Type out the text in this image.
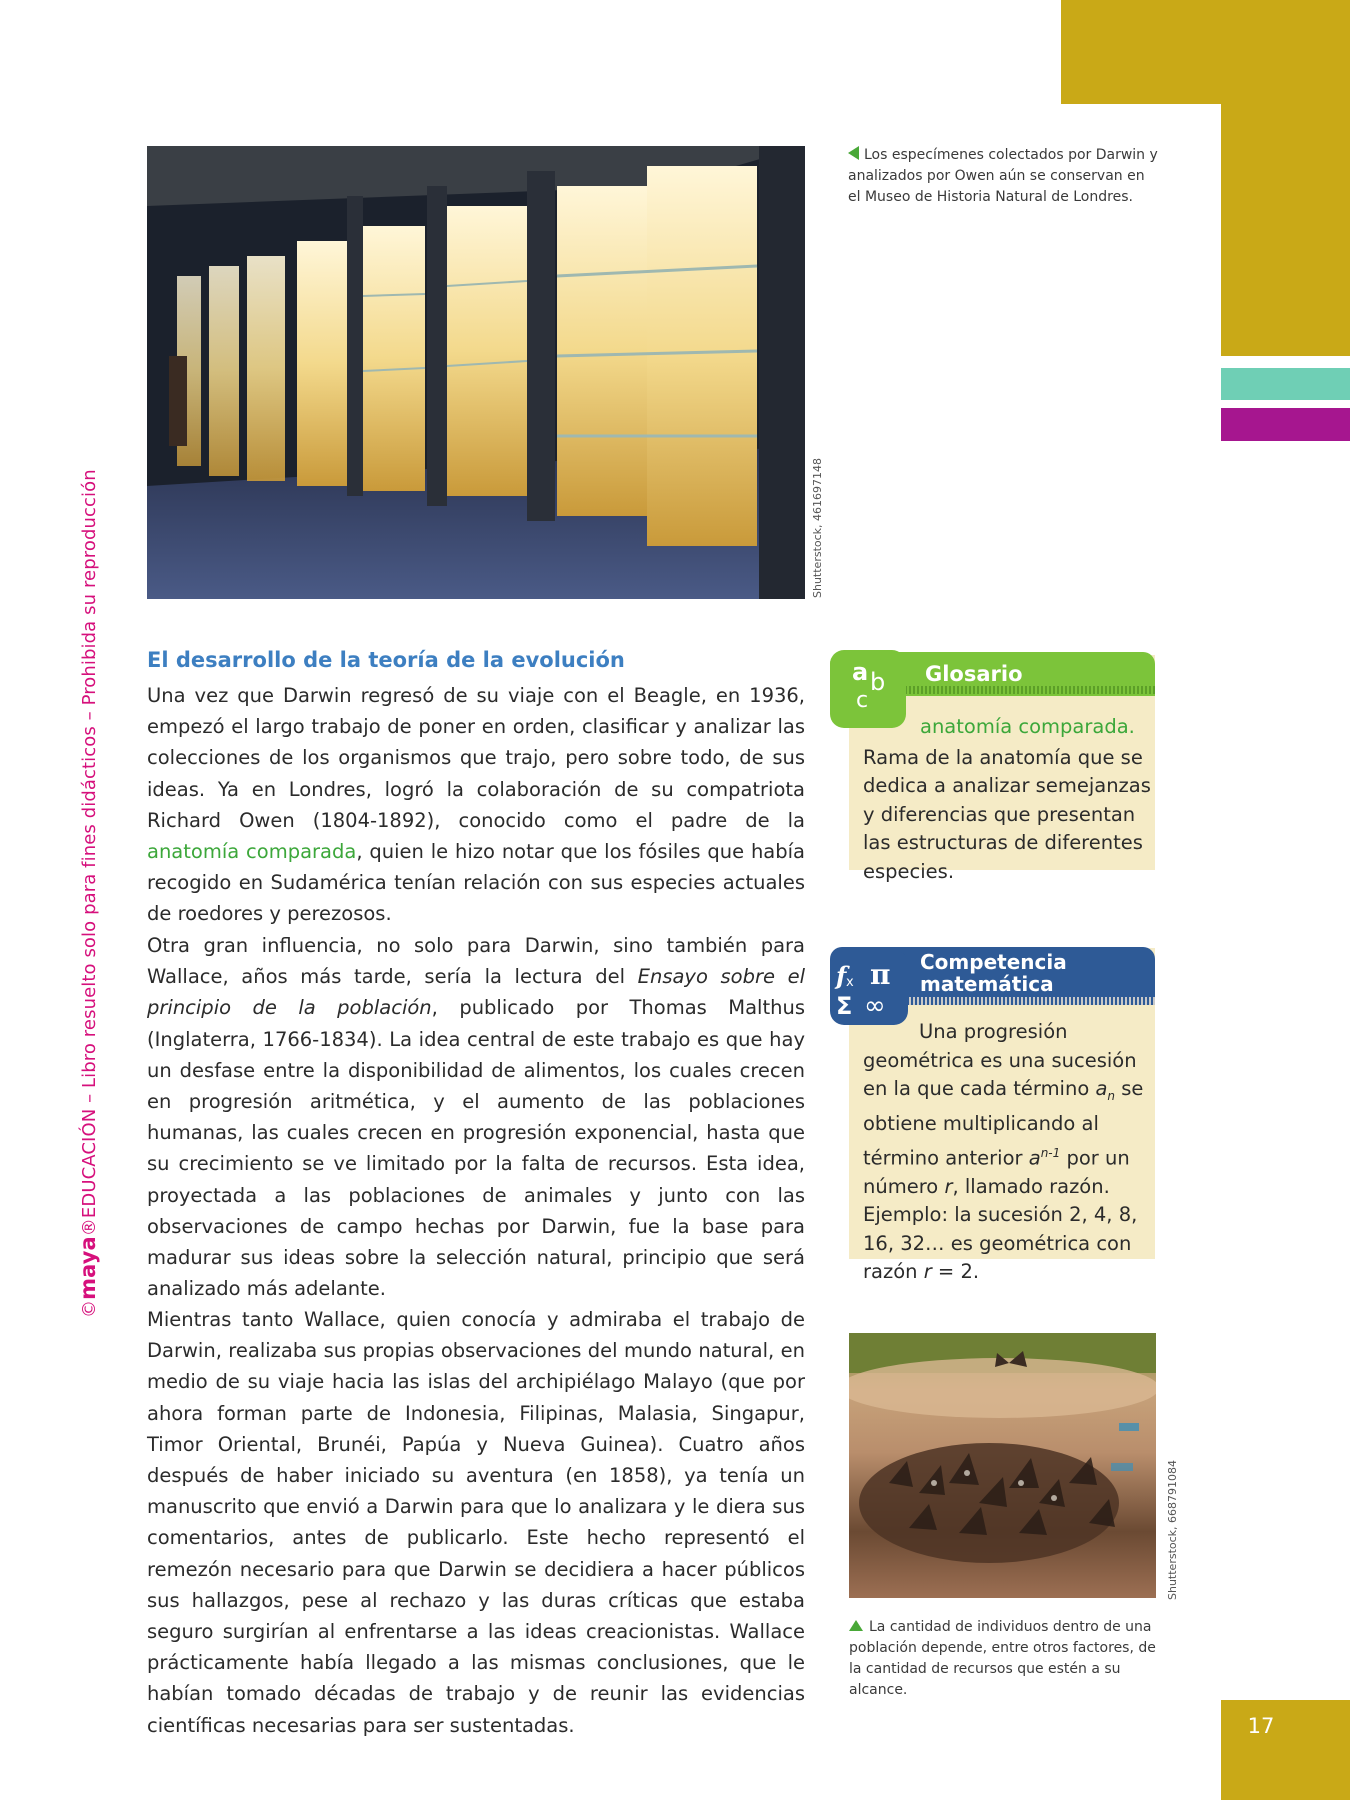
17
©maya®EDUCACIÓN – Libro resuelto solo para fines didácticos – Prohibida su reproducción	Shutterstock, 461697148
Los especímenes colectados por Darwin y analizados por Owen aún se conservan en el Museo de Historia Natural de Londres.
El desarrollo de la teoría de la evolución
Una vez que Darwin regresó de su viaje con el Beagle, en 1936, empezó el largo trabajo de poner en orden, clasificar y analizar las colecciones de los organismos que trajo, pero sobre todo, de sus ideas. Ya en Londres, logró la colaboración de su compatriota Richard Owen (1804-1892), conocido como el padre de la anatomía comparada, quien le hizo notar que los fósiles que había recogido en Sudamérica tenían relación con sus especies actuales de roedores y perezosos.
Otra gran influencia, no solo para Darwin, sino también para Wallace, años más tarde, sería la lectura del Ensayo sobre el principio de la población, publicado por Thomas Malthus (Inglaterra, 1766-1834). La idea central de este trabajo es que hay un desfase entre la disponibilidad de alimentos, los cuales crecen en progresión aritmética, y el aumento de las poblaciones humanas, las cuales crecen en progresión exponencial, hasta que su crecimiento se ve limitado por la falta de recursos. Esta idea, proyectada a las poblaciones de animales y junto con las observaciones de campo hechas por Darwin, fue la base para madurar sus ideas sobre la selección natural, principio que será analizado más adelante.
Mientras tanto Wallace, quien conocía y admiraba el trabajo de Darwin, realizaba sus propias observaciones del mundo natural, en medio de su viaje hacia las islas del archipiélago Malayo (que por ahora forman parte de Indonesia, Filipinas, Malasia, Singapur, Timor Oriental, Brunéi, Papúa y Nueva Guinea). Cuatro años después de haber iniciado su aventura (en 1858), ya tenía un manuscrito que envió a Darwin para que lo analizara y le diera sus comentarios, antes de publicarlo. Este hecho representó el remezón necesario para que Darwin se decidiera a hacer públicos sus hallazgos, pese al rechazo y las duras críticas que estaba seguro surgirían al enfrentarse a las ideas creacionistas. Wallace prácticamente había llegado a las mismas conclusiones, que le habían tomado décadas de trabajo y de reunir las evidencias científicas necesarias para ser sustentadas.
a b
c
Glosario
anatomía comparada.
Rama de la anatomía que se dedica a analizar semejanzas y diferencias que presentan las estructuras de diferentes especies.
f x π
Σ ∞
Competencia
matemática
Una progresión geométrica es una sucesión en la que cada término $a_n$ se obtiene multiplicando al término anterior $a^{n-1}$ por un número r, llamado razón. Ejemplo: la sucesión 2, 4, 8, 16, 32… es geométrica con razón r = 2.
Shutterstock, 668791084
La cantidad de individuos dentro de una población depende, entre otros factores, de la cantidad de recursos que estén a su alcance.
